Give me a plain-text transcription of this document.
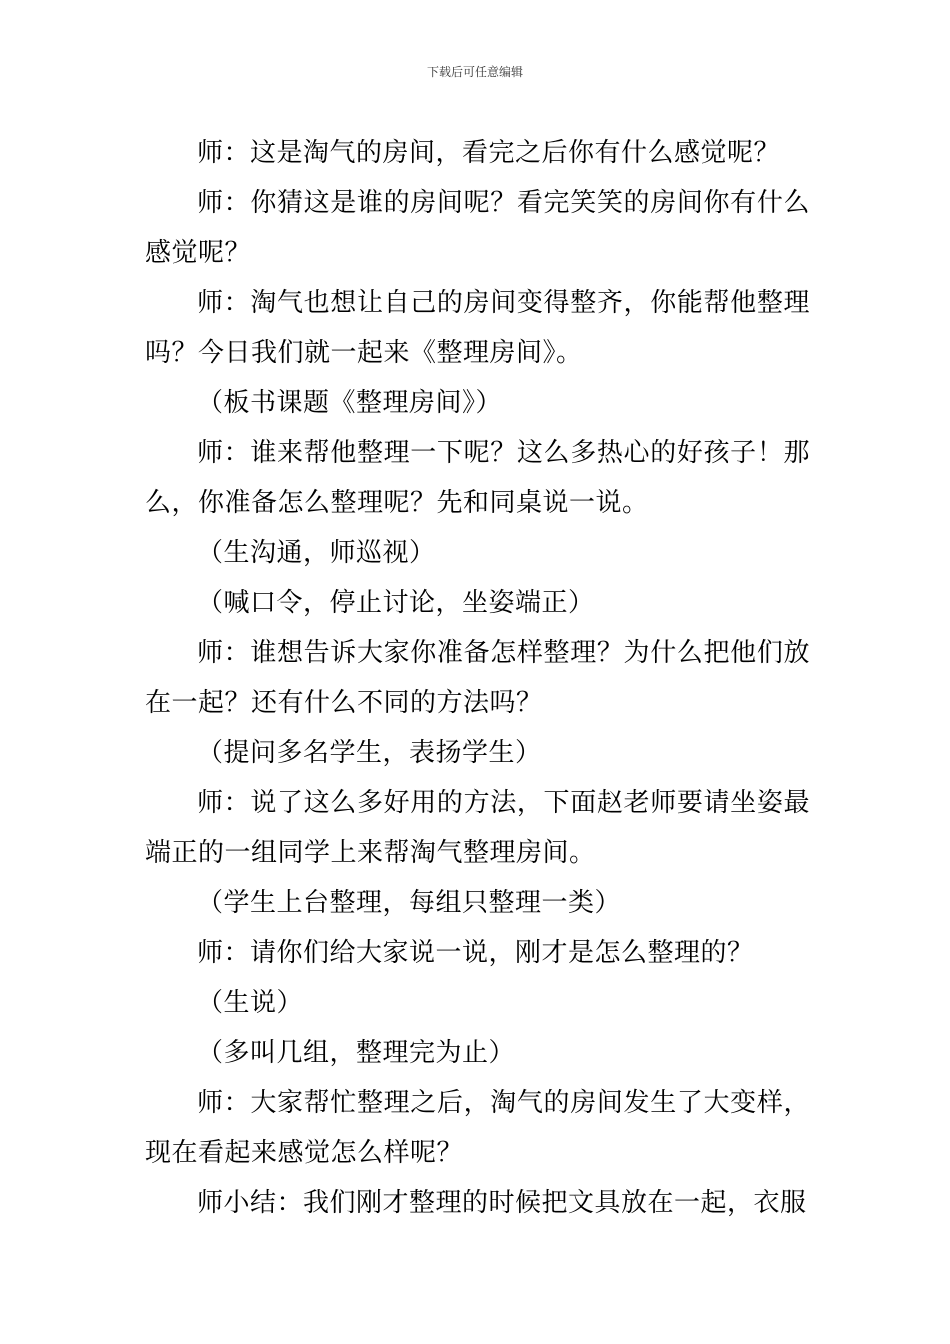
下载后可任意编辑

师：这是淘气的房间，看完之后你有什么感觉呢？

师：你猜这是谁的房间呢？看完笑笑的房间你有什么感觉呢？

师：淘气也想让自己的房间变得整齐，你能帮他整理吗？今日我们就一起来《整理房间》。

（板书课题《整理房间》）

师：谁来帮他整理一下呢？这么多热心的好孩子！那么，你准备怎么整理呢？先和同桌说一说。

（生沟通，师巡视）

（喊口令，停止讨论，坐姿端正）

师：谁想告诉大家你准备怎样整理？为什么把他们放在一起？还有什么不同的方法吗？

（提问多名学生，表扬学生）

师：说了这么多好用的方法，下面赵老师要请坐姿最端正的一组同学上来帮淘气整理房间。

（学生上台整理，每组只整理一类）

师：请你们给大家说一说，刚才是怎么整理的？

（生说）

（多叫几组，整理完为止）

师：大家帮忙整理之后，淘气的房间发生了大变样，现在看起来感觉怎么样呢？

师小结：我们刚才整理的时候把文具放在一起，衣服
